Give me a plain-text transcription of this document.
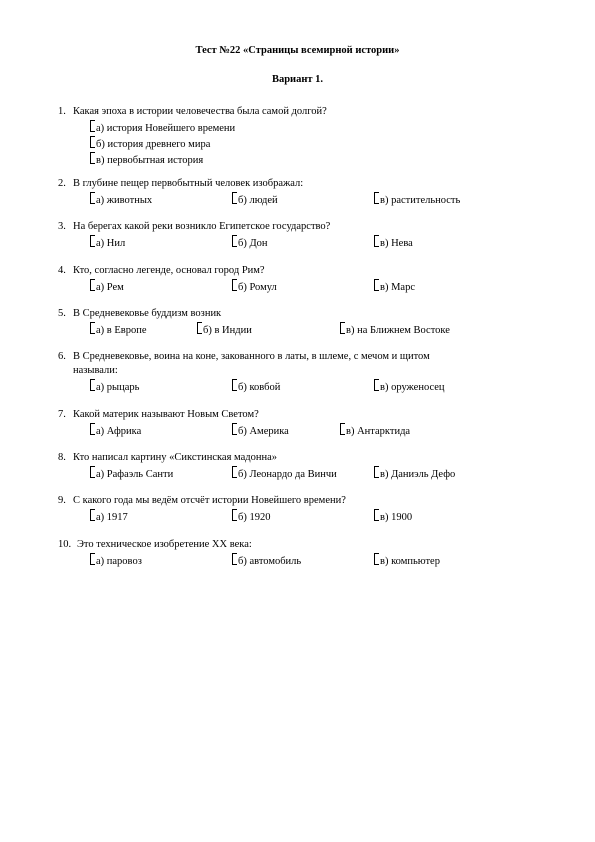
Тест №22 «Страницы всемирной истории»
Вариант 1.
1. Какая эпоха в истории человечества была самой долгой?
а) история Новейшего времени
б) история древнего мира
в) первобытная история
2. В глубине пещер первобытный человек изображал:
а) животных	б) людей	в) растительность
3. На берегах какой реки возникло Египетское государство?
а) Нил	б) Дон	в) Нева
4. Кто, согласно легенде, основал город Рим?
а) Рем	б) Ромул	в) Марс
5. В Средневековье буддизм возник
а) в Европе	б) в Индии	в) на Ближнем Востоке
6. В Средневековье, воина на коне, закованного в латы, в шлеме, с мечом и щитом
называли:
а) рыцарь	б) ковбой	в) оруженосец
7. Какой материк называют Новым Светом?
а) Африка	б) Америка	в) Антарктида
8. Кто написал картину «Сикстинская мадонна»
а) Рафаэль Санти	б) Леонардо да Винчи	в) Даниэль Дефо
9. С какого года мы ведём отсчёт истории Новейшего времени?
а) 1917	б) 1920	в) 1900
10. Это техническое изобретение XX века:
а) паровоз	б) автомобиль	в) компьютер
